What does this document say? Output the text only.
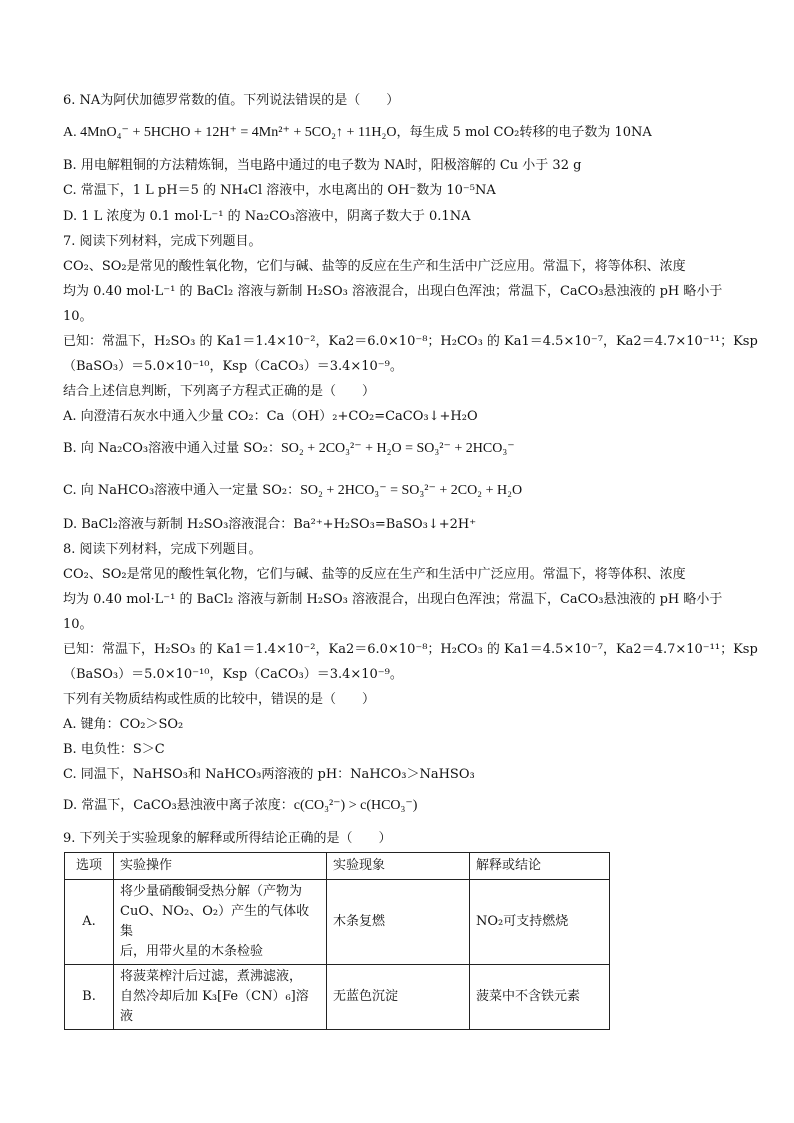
6. NA为阿伏加德罗常数的值。下列说法错误的是（　　）
A. 4MnO₄⁻ + 5HCHO + 12H⁺ = 4Mn²⁺ + 5CO₂↑ + 11H₂O，每生成 5 mol CO₂转移的电子数为 10NA
B. 用电解粗铜的方法精炼铜，当电路中通过的电子数为 NA时，阳极溶解的 Cu 小于 32 g
C. 常温下，1 L pH＝5 的 NH₄Cl 溶液中，水电离出的 OH⁻数为 10⁻⁵NA
D. 1 L 浓度为 0.1 mol·L⁻¹ 的 Na₂CO₃溶液中，阴离子数大于 0.1NA
7. 阅读下列材料，完成下列题目。
CO₂、SO₂是常见的酸性氧化物，它们与碱、盐等的反应在生产和生活中广泛应用。常温下，将等体积、浓度
均为 0.40 mol·L⁻¹ 的 BaCl₂ 溶液与新制 H₂SO₃ 溶液混合，出现白色浑浊；常温下，CaCO₃悬浊液的 pH 略小于
10。
已知：常温下，H₂SO₃ 的 Ka1＝1.4×10⁻²，Ka2＝6.0×10⁻⁸；H₂CO₃ 的 Ka1＝4.5×10⁻⁷，Ka2＝4.7×10⁻¹¹；Ksp
（BaSO₃）＝5.0×10⁻¹⁰，Ksp（CaCO₃）＝3.4×10⁻⁹。
结合上述信息判断，下列离子方程式正确的是（　　）
A. 向澄清石灰水中通入少量 CO₂：Ca（OH）₂+CO₂=CaCO₃↓+H₂O
B. 向 Na₂CO₃溶液中通入过量 SO₂：SO₂ + 2CO₃²⁻ + H₂O = SO₃²⁻ + 2HCO₃⁻
C. 向 NaHCO₃溶液中通入一定量 SO₂：SO₂ + 2HCO₃⁻ = SO₃²⁻ + 2CO₂ + H₂O
D. BaCl₂溶液与新制 H₂SO₃溶液混合：Ba²⁺+H₂SO₃=BaSO₃↓+2H⁺
8. 阅读下列材料，完成下列题目。
CO₂、SO₂是常见的酸性氧化物，它们与碱、盐等的反应在生产和生活中广泛应用。常温下，将等体积、浓度
均为 0.40 mol·L⁻¹ 的 BaCl₂ 溶液与新制 H₂SO₃ 溶液混合，出现白色浑浊；常温下，CaCO₃悬浊液的 pH 略小于
10。
已知：常温下，H₂SO₃ 的 Ka1＝1.4×10⁻²，Ka2＝6.0×10⁻⁸；H₂CO₃ 的 Ka1＝4.5×10⁻⁷，Ka2＝4.7×10⁻¹¹；Ksp
（BaSO₃）＝5.0×10⁻¹⁰，Ksp（CaCO₃）＝3.4×10⁻⁹。
下列有关物质结构或性质的比较中，错误的是（　　）
A. 键角：CO₂＞SO₂
B. 电负性：S＞C
C. 同温下，NaHSO₃和 NaHCO₃两溶液的 pH：NaHCO₃＞NaHSO₃
D. 常温下，CaCO₃悬浊液中离子浓度：c(CO₃²⁻) > c(HCO₃⁻)
9. 下列关于实验现象的解释或所得结论正确的是（　　）
选项	实验操作	实验现象	解释或结论
A.	将少量硝酸铜受热分解（产物为
CuO、NO₂、O₂）产生的气体收集
后，用带火星的木条检验	木条复燃	NO₂可支持燃烧
B.	将菠菜榨汁后过滤，煮沸滤液，
自然冷却后加 K₃[Fe（CN）₆]溶液	无蓝色沉淀	菠菜中不含铁元素
